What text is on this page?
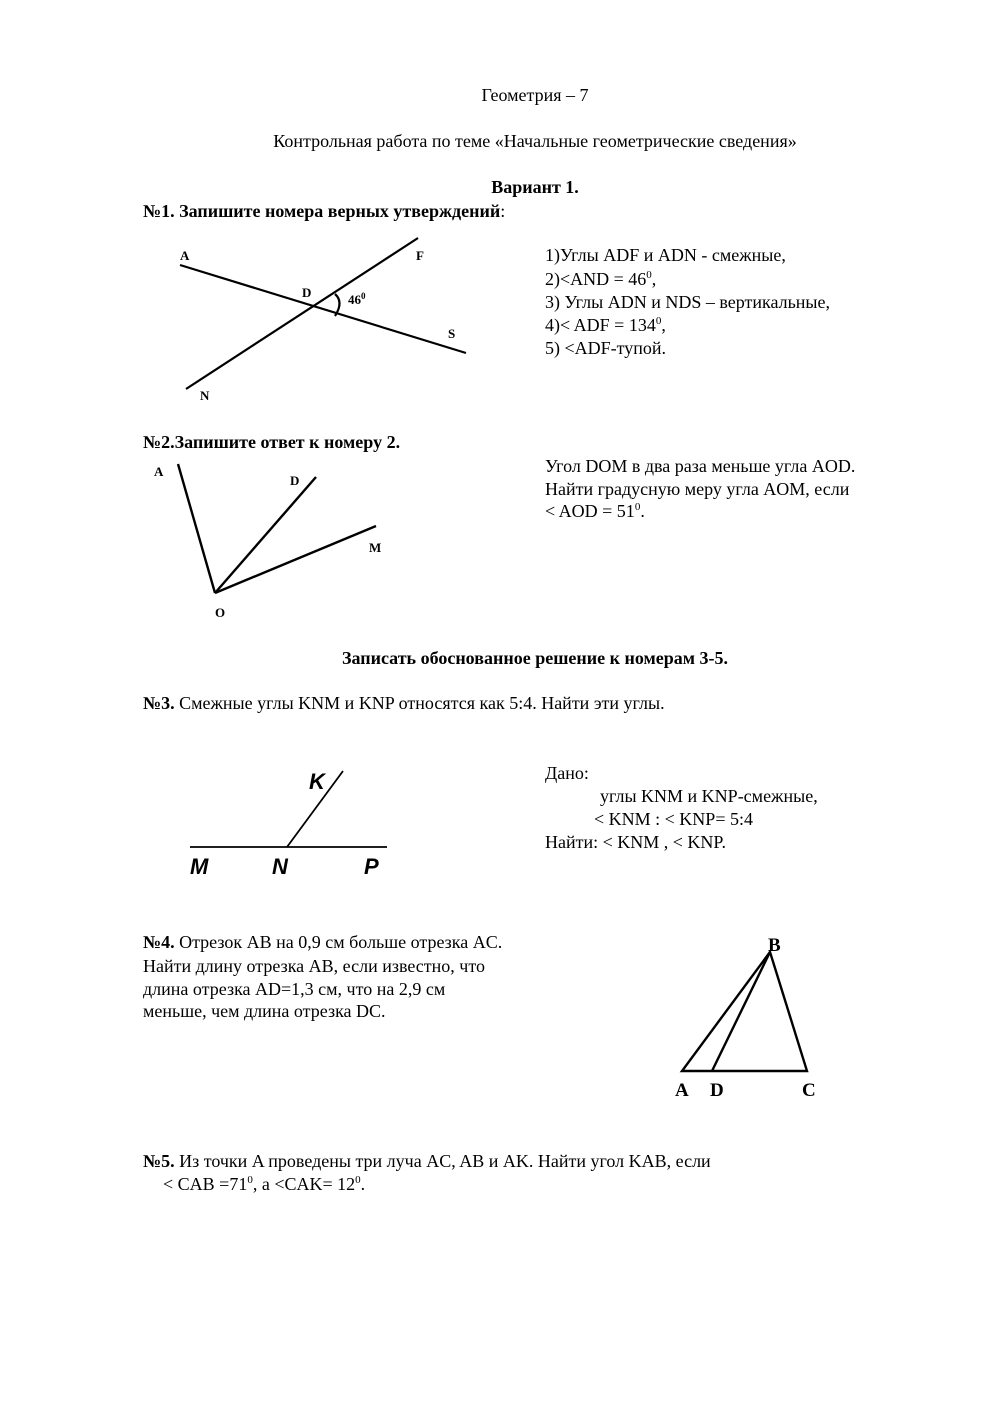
Геометрия – 7
Контрольная работа по теме «Начальные геометрические сведения»
Вариант 1.
№1. Запишите номера верных утверждений:
A	F
D
S
N
$46^0$
1)Углы ADF и ADN - смежные,
$2)<AND = 46^0$,
3) Углы ADN и NDS – вертикальные,
4)< ADF = $134^0$,
5) <ADF-тупой.
№2.Запишите ответ к номеру 2.
A
D
M
O
Угол DOM в два раза меньше угла AOD.
Найти градусную меру угла AOM, если
< AOD = $51^0$.
Записать обоснованное решение к номерам 3-5.
№3. Смежные углы KNM и KNP относятся как 5:4. Найти эти углы.
K
M	N	P
Дано:
углы KNM и KNP-смежные,
< KNM : < KNP= 5:4
Найти: < KNM , < KNP.
№4. Отрезок AB на 0,9 см больше отрезка AC.
Найти длину отрезка AB, если известно, что
длина отрезка AD=1,3 см, что на 2,9 см
меньше, чем длина отрезка DC.
B
A D	C
№5. Из точки A проведены три луча AC, AB и AK. Найти угол KAB, если
< CAB $=71^0$, $а <CAK= 12^0$.
